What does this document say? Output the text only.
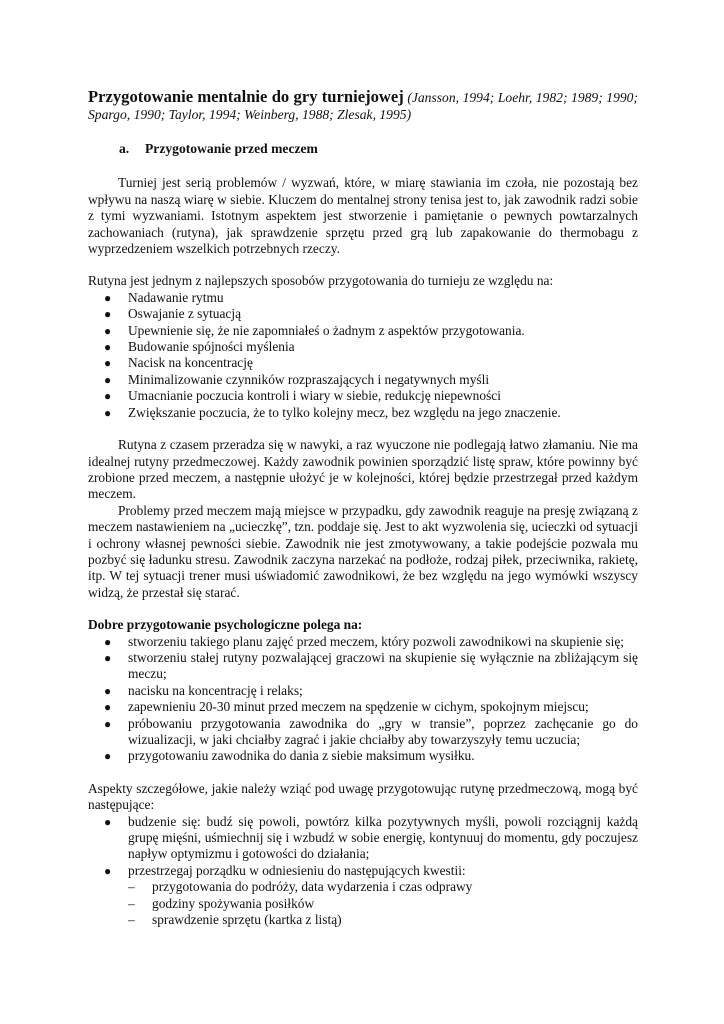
Przygotowanie mentalnie do gry turniejowej (Jansson, 1994; Loehr, 1982; 1989; 1990; Spargo, 1990; Taylor, 1994; Weinberg, 1988; Zlesak, 1995)

a.	Przygotowanie przed meczem

Turniej jest serią problemów / wyzwań, które, w miarę stawiania im czoła, nie pozostają bez wpływu na naszą wiarę w siebie. Kluczem do mentalnej strony tenisa jest to, jak zawodnik radzi sobie z tymi wyzwaniami. Istotnym aspektem jest stworzenie i pamiętanie o pewnych powtarzalnych zachowaniach (rutyna), jak sprawdzenie sprzętu przed grą lub zapakowanie do thermobagu z wyprzedzeniem wszelkich potrzebnych rzeczy.

Rutyna jest jednym z najlepszych sposobów przygotowania do turnieju ze względu na:

● Nadawanie rytmu
● Oswajanie z sytuacją
● Upewnienie się, że nie zapomniałeś o żadnym z aspektów przygotowania.
● Budowanie spójności myślenia
● Nacisk na koncentrację
● Minimalizowanie czynników rozpraszających i negatywnych myśli
● Umacnianie poczucia kontroli i wiary w siebie, redukcję niepewności
● Zwiększanie poczucia, że to tylko kolejny mecz, bez względu na jego znaczenie.

Rutyna z czasem przeradza się w nawyki, a raz wyuczone nie podlegają łatwo złamaniu. Nie ma idealnej rutyny przedmeczowej. Każdy zawodnik powinien sporządzić listę spraw, które powinny być zrobione przed meczem, a następnie ułożyć je w kolejności, której będzie przestrzegał przed każdym meczem.

Problemy przed meczem mają miejsce w przypadku, gdy zawodnik reaguje na presję związaną z meczem nastawieniem na „ucieczkę”, tzn. poddaje się. Jest to akt wyzwolenia się, ucieczki od sytuacji i ochrony własnej pewności siebie. Zawodnik nie jest zmotywowany, a takie podejście pozwala mu pozbyć się ładunku stresu. Zawodnik zaczyna narzekać na podłoże, rodzaj piłek, przeciwnika, rakietę, itp. W tej sytuacji trener musi uświadomić zawodnikowi, że bez względu na jego wymówki wszyscy widzą, że przestał się starać.

Dobre przygotowanie psychologiczne polega na:

● stworzeniu takiego planu zajęć przed meczem, który pozwoli zawodnikowi na skupienie się;
● stworzeniu stałej rutyny pozwalającej graczowi na skupienie się wyłącznie na zbliżającym się meczu;
● nacisku na koncentrację i relaks;
● zapewnieniu 20-30 minut przed meczem na spędzenie w cichym, spokojnym miejscu;
● próbowaniu przygotowania zawodnika do „gry w transie”, poprzez zachęcanie go do wizualizacji, w jaki chciałby zagrać i jakie chciałby aby towarzyszyły temu uczucia;
● przygotowaniu zawodnika do dania z siebie maksimum wysiłku.

Aspekty szczegółowe, jakie należy wziąć pod uwagę przygotowując rutynę przedmeczową, mogą być następujące:

● budzenie się: budź się powoli, powtórz kilka pozytywnych myśli, powoli rozciągnij każdą grupę mięśni, uśmiechnij się i wzbudź w sobie energię, kontynuuj do momentu, gdy poczujesz napływ optymizmu i gotowości do działania;
● przestrzegaj porządku w odniesieniu do następujących kwestii:
– przygotowania do podróży, data wydarzenia i czas odprawy
– godziny spożywania posiłków
– sprawdzenie sprzętu (kartka z listą)
